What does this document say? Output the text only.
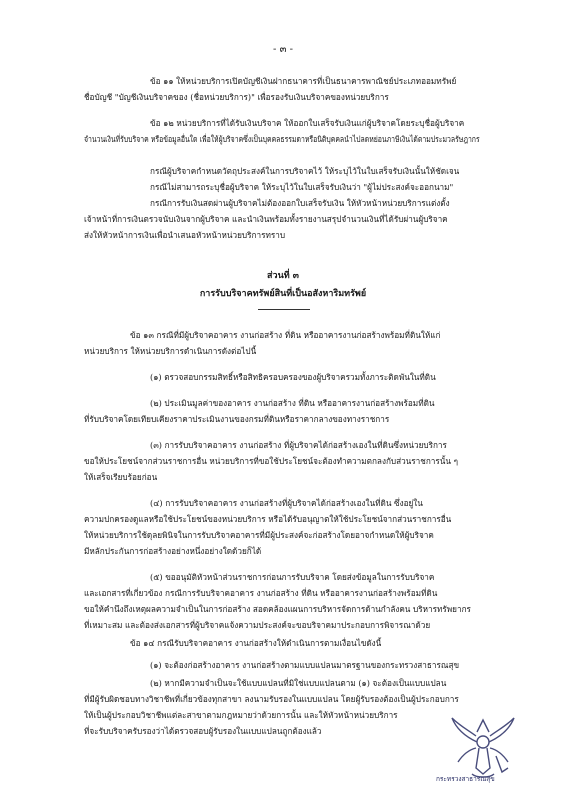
- ๓ -
ข้อ ๑๑ ให้หน่วยบริการเปิดบัญชีเงินฝากธนาคารที่เป็นธนาคารพาณิชย์ประเภทออมทรัพย์
ชื่อบัญชี "บัญชีเงินบริจาคของ (ชื่อหน่วยบริการ)" เพื่อรองรับเงินบริจาคของหน่วยบริการ
ข้อ ๑๒ หน่วยบริการที่ได้รับเงินบริจาค ให้ออกใบเสร็จรับเงินแก่ผู้บริจาคโดยระบุชื่อผู้บริจาค
จำนวนเงินที่รับบริจาค หรือข้อมูลอื่นใด เพื่อให้ผู้บริจาคซึ่งเป็นบุคคลธรรมดาหรือนิติบุคคลนำไปลดหย่อนภาษีเงินได้ตามประมวลรัษฎากร
กรณีผู้บริจาคกำหนดวัตถุประสงค์ในการบริจาคไว้ ให้ระบุไว้ในใบเสร็จรับเงินนั้นให้ชัดเจน
กรณีไม่สามารถระบุชื่อผู้บริจาค ให้ระบุไว้ในใบเสร็จรับเงินว่า "ผู้ไม่ประสงค์จะออกนาม"
กรณีการรับเงินสดผ่านผู้บริจาคไม่ต้องออกใบเสร็จรับเงิน ให้หัวหน้าหน่วยบริการแต่งตั้ง
เจ้าหน้าที่การเงินตรวจนับเงินจากผู้บริจาค และนำเงินพร้อมทั้งรายงานสรุปจำนวนเงินที่ได้รับผ่านผู้บริจาค
ส่งให้หัวหน้าการเงินเพื่อนำเสนอหัวหน้าหน่วยบริการทราบ
ส่วนที่ ๓
การรับบริจาคทรัพย์สินที่เป็นอสังหาริมทรัพย์
ข้อ ๑๓ กรณีที่มีผู้บริจาคอาคาร งานก่อสร้าง ที่ดิน หรืออาคารงานก่อสร้างพร้อมที่ดินให้แก่
หน่วยบริการ ให้หน่วยบริการดำเนินการดังต่อไปนี้
(๑) ตรวจสอบกรรมสิทธิ์หรือสิทธิครอบครองของผู้บริจาครวมทั้งภาระติดพันในที่ดิน
(๒) ประเมินมูลค่าของอาคาร งานก่อสร้าง ที่ดิน หรืออาคารงานก่อสร้างพร้อมที่ดิน
ที่รับบริจาคโดยเทียบเคียงราคาประเมินงานของกรมที่ดินหรือราคากลางของทางราชการ
(๓) การรับบริจาคอาคาร งานก่อสร้าง ที่ผู้บริจาคได้ก่อสร้างเองในที่ดินซึ่งหน่วยบริการ
ขอให้ประโยชน์จากส่วนราชการอื่น หน่วยบริการที่ขอใช้ประโยชน์จะต้องทำความตกลงกับส่วนราชการนั้น ๆ
ให้เสร็จเรียบร้อยก่อน
(๔) การรับบริจาคอาคาร งานก่อสร้างที่ผู้บริจาคได้ก่อสร้างเองในที่ดิน ซึ่งอยู่ใน
ความปกครองดูแลหรือใช้ประโยชน์ของหน่วยบริการ หรือได้รับอนุญาตให้ใช้ประโยชน์จากส่วนราชการอื่น
ให้หน่วยบริการใช้ดุลยพินิจในการรับบริจาคอาคารที่มีผู้ประสงค์จะก่อสร้างโดยอาจกำหนดให้ผู้บริจาค
มีหลักประกันการก่อสร้างอย่างหนึ่งอย่างใดด้วยก็ได้
(๕) ขออนุมัติหัวหน้าส่วนราชการก่อนการรับบริจาค โดยส่งข้อมูลในการรับบริจาค
และเอกสารที่เกี่ยวข้อง กรณีการรับบริจาคอาคาร งานก่อสร้าง ที่ดิน หรืออาคารงานก่อสร้างพร้อมที่ดิน
ขอให้คำนึงถึงเหตุผลความจำเป็นในการก่อสร้าง สอดคล้องแผนการบริหารจัดการด้านกำลังคน บริหารทรัพยากร
ที่เหมาะสม และต้องส่งเอกสารที่ผู้บริจาคแจ้งความประสงค์จะขอบริจาคมาประกอบการพิจารณาด้วย
ข้อ ๑๔ กรณีรับบริจาคอาคาร งานก่อสร้างให้ดำเนินการตามเงื่อนไขดังนี้
(๑) จะต้องก่อสร้างอาคาร งานก่อสร้างตามแบบแปลนมาตรฐานของกระทรวงสาธารณสุข
(๒) หากมีความจำเป็นจะใช้แบบแปลนที่มิใช่แบบแปลนตาม (๑) จะต้องเป็นแบบแปลน
ที่มีผู้รับผิดชอบทางวิชาชีพที่เกี่ยวข้องทุกสาขา ลงนามรับรองในแบบแปลน โดยผู้รับรองต้องเป็นผู้ประกอบการ
ให้เป็นผู้ประกอบวิชาชีพแต่ละสาขาตามกฎหมายว่าด้วยการนั้น และให้หัวหน้าหน่วยบริการ
ที่จะรับบริจาครับรองว่าได้ตรวจสอบผู้รับรองในแบบแปลนถูกต้องแล้ว
กระทรวงสาธารณสุข
